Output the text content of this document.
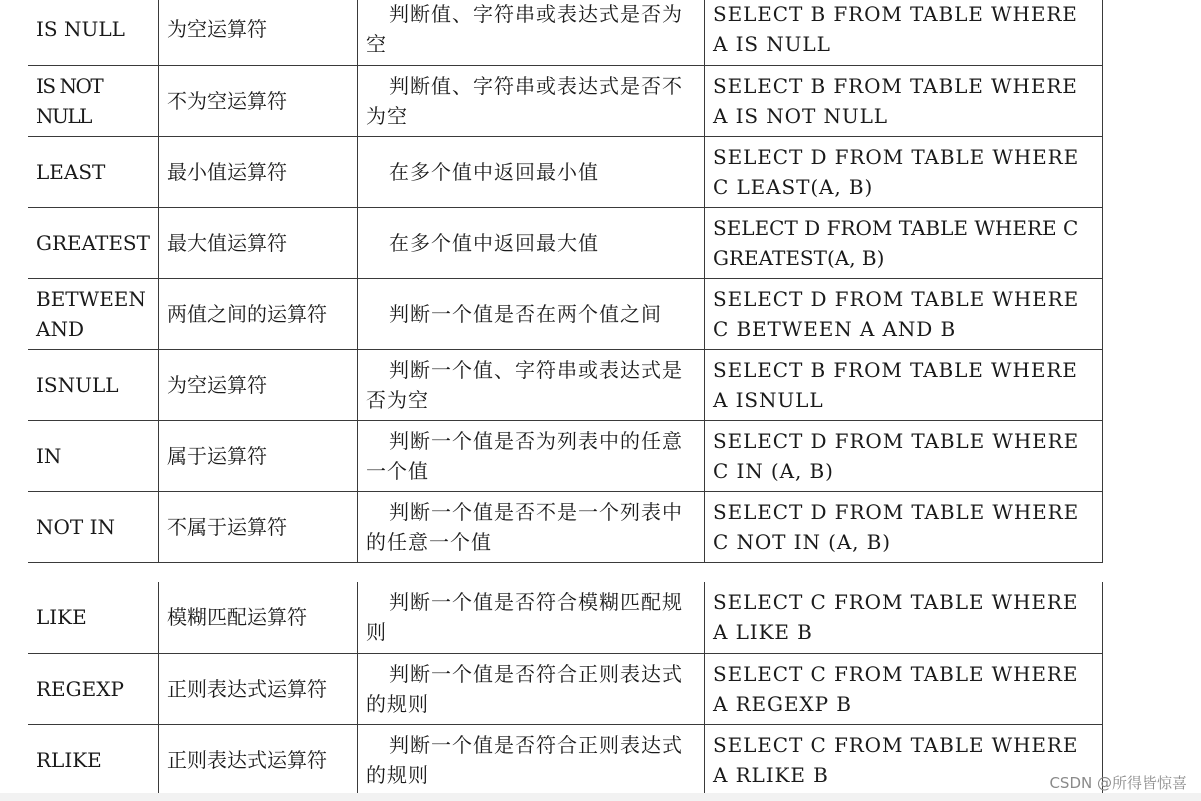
IS NULL	为空运算符	判断值、字符串或表达式是否为空	SELECT B FROM TABLE WHERE A IS NULL
IS NOT NULL	不为空运算符	判断值、字符串或表达式是否不为空	SELECT B FROM TABLE WHERE A IS NOT NULL
LEAST	最小值运算符	在多个值中返回最小值	SELECT D FROM TABLE WHERE C LEAST(A, B)
GREATEST	最大值运算符	在多个值中返回最大值	SELECT D FROM TABLE WHERE C GREATEST(A, B)
BETWEEN AND	两值之间的运算符	判断一个值是否在两个值之间	SELECT D FROM TABLE WHERE C BETWEEN A AND B
ISNULL	为空运算符	判断一个值、字符串或表达式是否为空	SELECT B FROM TABLE WHERE A ISNULL
IN	属于运算符	判断一个值是否为列表中的任意一个值	SELECT D FROM TABLE WHERE C IN (A, B)
NOT IN	不属于运算符	判断一个值是否不是一个列表中的任意一个值	SELECT D FROM TABLE WHERE C NOT IN (A, B)
LIKE	模糊匹配运算符	判断一个值是否符合模糊匹配规则	SELECT C FROM TABLE WHERE A LIKE B
REGEXP	正则表达式运算符	判断一个值是否符合正则表达式的规则	SELECT C FROM TABLE WHERE A REGEXP B
RLIKE	正则表达式运算符	判断一个值是否符合正则表达式的规则	SELECT C FROM TABLE WHERE A RLIKE B	CSDN @所得皆惊喜
